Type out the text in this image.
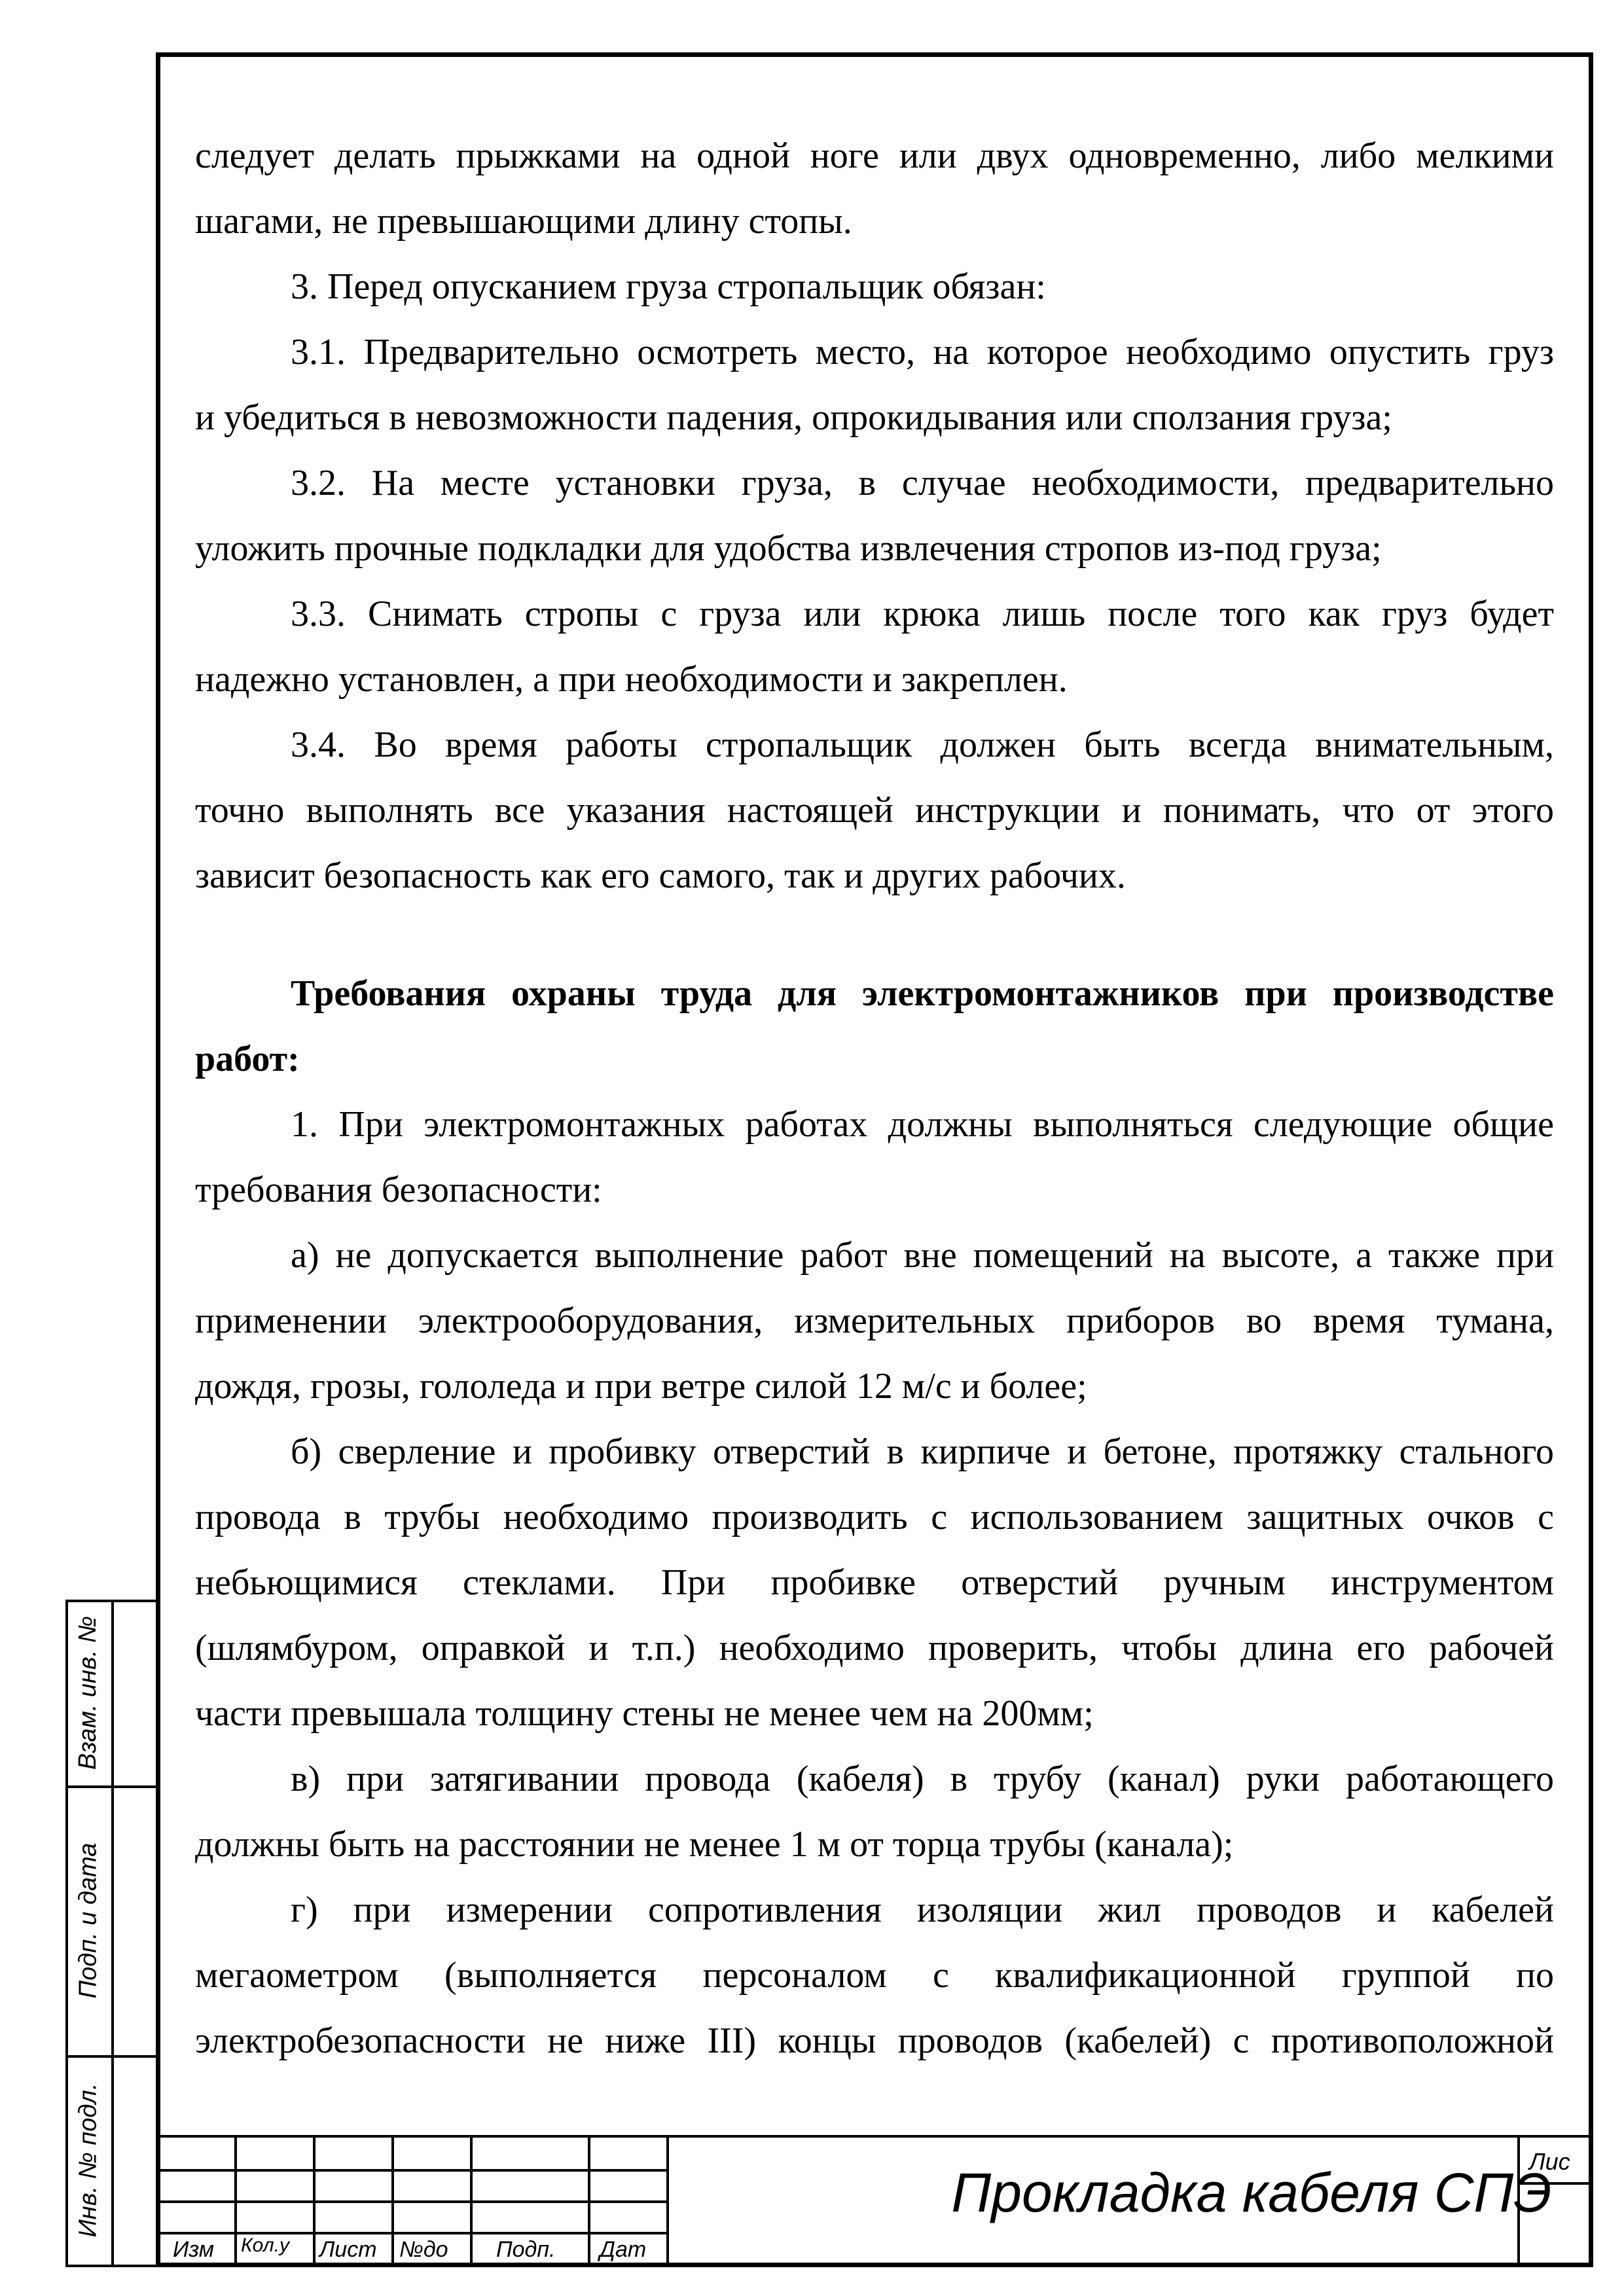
следует делать прыжками на одной ноге или двух одновременно, либо мелкими
шагами, не превышающими длину стопы.
3. Перед опусканием груза стропальщик обязан:
3.1. Предварительно осмотреть место, на которое необходимо опустить груз
и убедиться в невозможности падения, опрокидывания или сползания груза;
3.2. На месте установки груза, в случае необходимости, предварительно
уложить прочные подкладки для удобства извлечения стропов из-под груза;
3.3. Снимать стропы с груза или крюка лишь после того как груз будет
надежно установлен, а при необходимости и закреплен.
3.4. Во время работы стропальщик должен быть всегда внимательным,
точно выполнять все указания настоящей инструкции и понимать, что от этого
зависит безопасность как его самого, так и других рабочих.
Требования охраны труда для электромонтажников при производстве
работ:
1. При электромонтажных работах должны выполняться следующие общие
требования безопасности:
а) не допускается выполнение работ вне помещений на высоте, а также при
применении электрооборудования, измерительных приборов во время тумана,
дождя, грозы, гололеда и при ветре силой 12 м/с и более;
б) сверление и пробивку отверстий в кирпиче и бетоне, протяжку стального
провода в трубы необходимо производить с использованием защитных очков с
небьющимися стеклами. При пробивке отверстий ручным инструментом
(шлямбуром, оправкой и т.п.) необходимо проверить, чтобы длина его рабочей
части превышала толщину стены не менее чем на 200мм;
в) при затягивании провода (кабеля) в трубу (канал) руки работающего
должны быть на расстоянии не менее 1 м от торца трубы (канала);
г) при измерении сопротивления изоляции жил проводов и кабелей
мегаометром (выполняется персоналом с квалификационной группой по
электробезопасности не ниже III) концы проводов (кабелей) с противоположной
Взам. инв. №
Подп. и дата
Инв. № подл.
Изм Кол.у Лист №до Подп. Дат
Прокладка кабеля СПЭ
Лис
